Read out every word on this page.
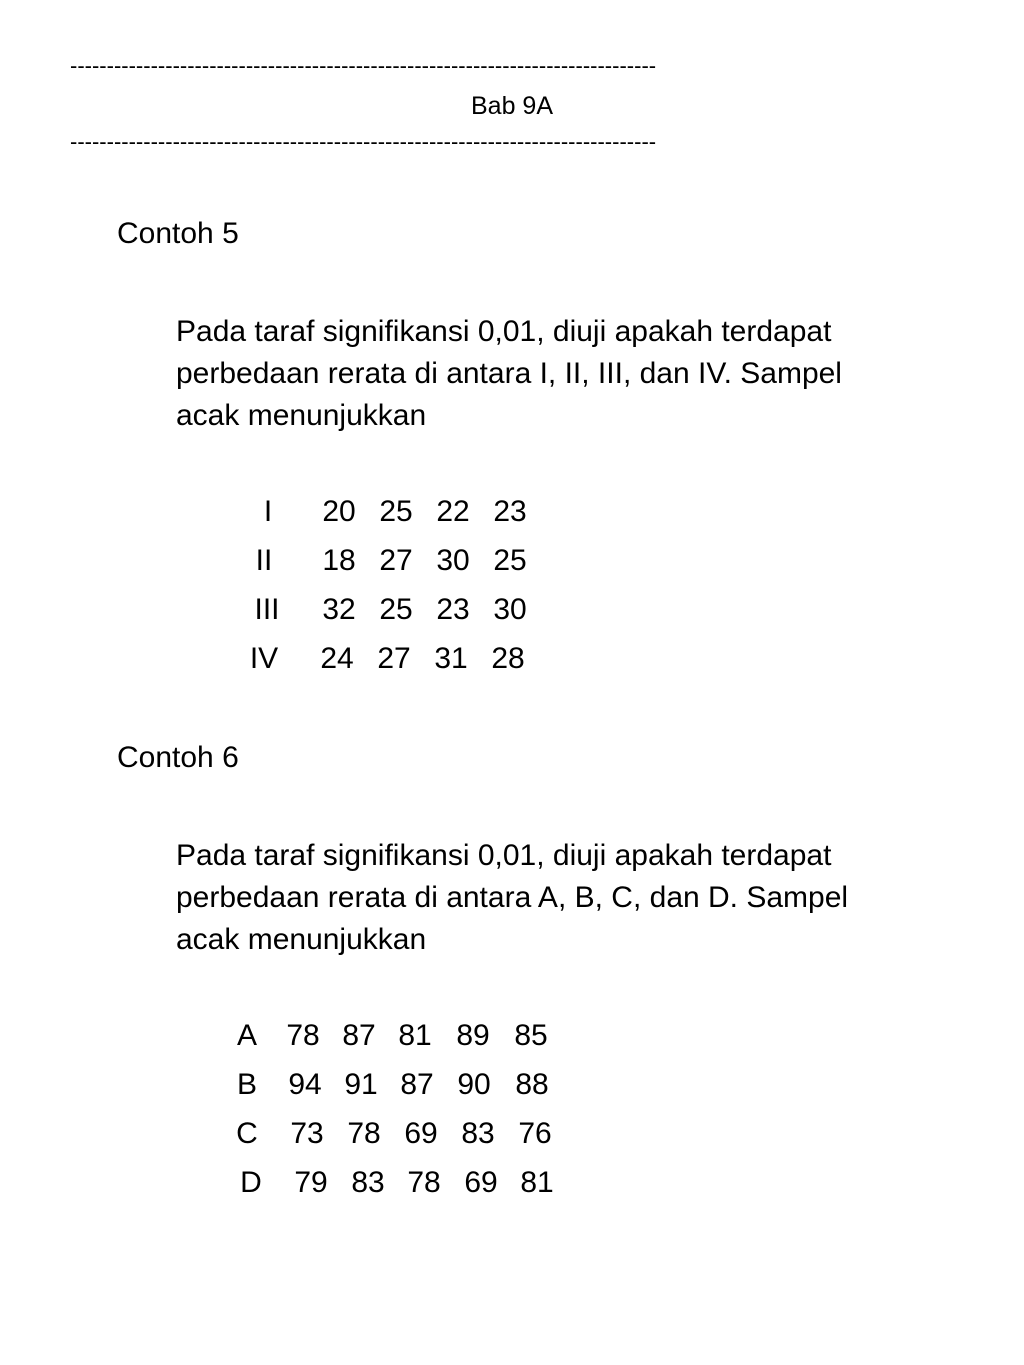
--------------------------------------------------------------------------------
Bab 9A
--------------------------------------------------------------------------------
Contoh 5
Pada taraf signifikansi 0,01, diuji apakah terdapat
perbedaan rerata di antara I, II, III, dan IV. Sampel
acak menunjukkan
I	20 25 22 23
II	18 27 30 25
III	32 25 23 30
IV	24 27 31 28
Contoh 6
Pada taraf signifikansi 0,01, diuji apakah terdapat
perbedaan rerata di antara A, B, C, dan D. Sampel
acak menunjukkan
A 78 87 81 89 85
B	94 91 87 90 88
C	73 78 69 83 76
D	79 83 78 69 81
